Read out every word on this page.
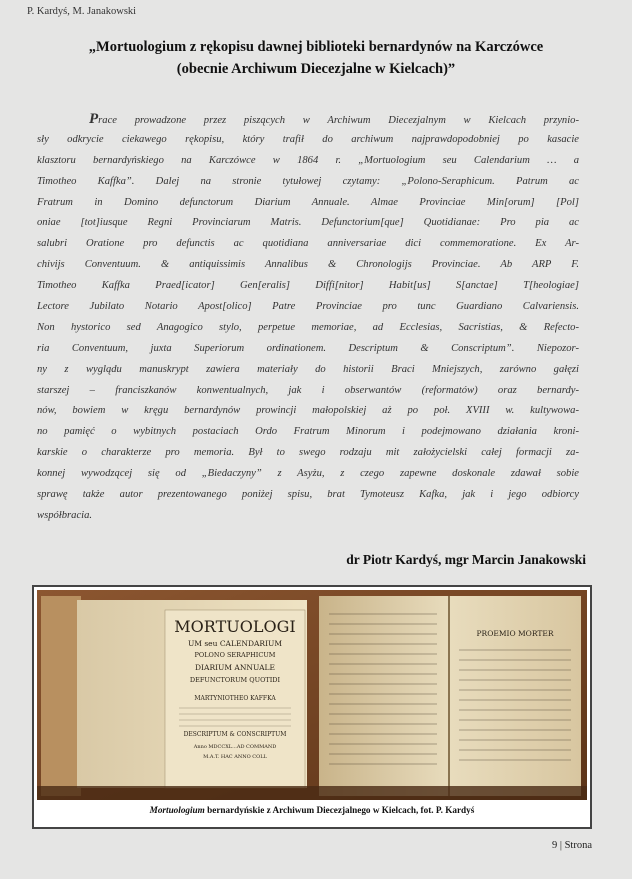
P. Kardyś, M. Janakowski
„Mortuologium z rękopisu dawnej biblioteki bernardynów na Karczówce
(obecnie Archiwum Diecezjalne w Kielcach)”
Prace prowadzone przez piszących w Archiwum Diecezjalnym w Kielcach przynio-
sły odkrycie ciekawego rękopisu, który trafił do archiwum najprawdopodobniej po kasacie
klasztoru bernardyńskiego na Karczówce w 1864 r. „Mortuologium seu Calendarium … a
Timotheo Kaffka”. Dalej na stronie tytułowej czytamy: „Polono-Seraphicum. Patrum ac
Fratrum in Domino defunctorum Diarium Annuale. Almae Provinciae Min[orum] [Pol]
oniae [tot]iusque Regni Provinciarum Matris. Defunctorium[que] Quotidianae: Pro pia ac
salubri Oratione pro defunctis ac quotidiana anniversariae dici commemoratione. Ex Ar-
chivijs Conventuum. & antiquissimis Annalibus & Chronologijs Provinciae. Ab ARP F.
Timotheo Kaffka Praed[icator] Gen[eralis] Diffi[nitor] Habit[us] S[anctae] T[heologiae]
Lectore Jubilato Notario Apost[olico] Patre Provinciae pro tunc Guardiano Calvariensis.
Non hystorico sed Anagogico stylo, perpetue memoriae, ad Ecclesias, Sacristias, & Refecto-
ria Conventuum, juxta Superiorum ordinationem. Descriptum & Conscriptum”. Niepozor-
ny z wyglądu manuskrypt zawiera materiały do historii Braci Mniejszych, zarówno gałęzi
starszej – franciszkanów konwentualnych, jak i obserwantów (reformatów) oraz bernardy-
nów, bowiem w kręgu bernardynów prowincji małopolskiej aż po poł. XVIII w. kultywowa-
no pamięć o wybitnych postaciach Ordo Fratrum Minorum i podejmowano działania kroni-
karskie o charakterze pro memoria. Był to swego rodzaju mit założycielski całej formacji za-
konnej wywodzącej się od „Biedaczyny” z Asyżu, z czego zapewne doskonale zdawał sobie
sprawę także autor prezentowanego poniżej spisu, brat Tymoteusz Kafka, jak i jego odbiorcy
współbracia.
dr Piotr Kardyś, mgr Marcin Janakowski
MORTUOLOGI
UM seu CALENDARIUM
POLONO SERAPHICUM
DIARIUM ANNUALE
DEFUNCTORUM QUOTIDI
MARTYNIOTHEO KAFFKA
DESCRIPTUM & CONSCRIPTUM
Anno MDCCXL...AD COMMAND
M.A.T. HAC ANNO COLL
PROEMIO MORTER
Mortuologium bernardyńskie z Archiwum Diecezjalnego w Kielcach, fot. P. Kardyś
9 | Strona
